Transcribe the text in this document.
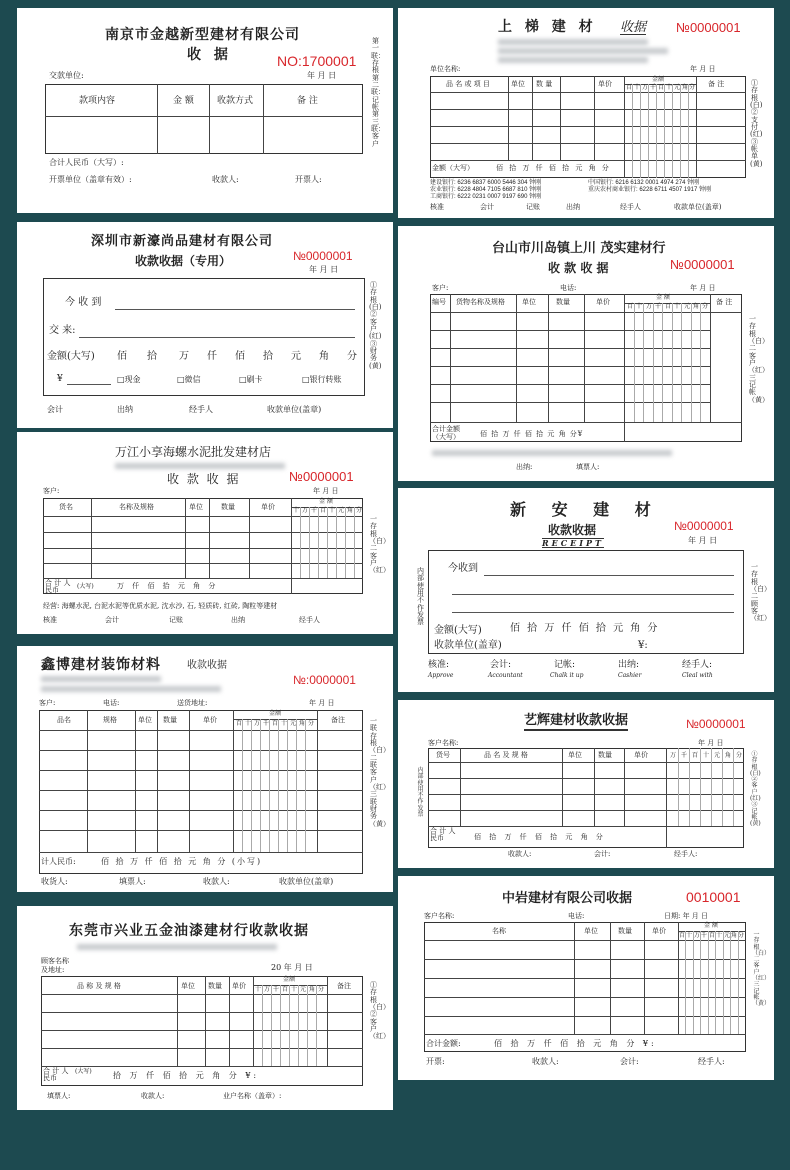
南京市金越新型建材有限公司
收 据	NO:1700001
年 月 日
交款单位:
款项内容	金 额	收款方式	备 注
合计人民币（大写）:
开票单位（盖章有效）:	收款人:	开票人:
第一联：存根 第二联：记帐 第三联：客户
上 梯 建 材 收据 №0000001
单位名称:	年 月 日
品 名 或 项 目	单位 数 量	单价	备 注
金额
百 十 万 千 百 十 元 角 分
金额（大写）	佰 拾 万 仟 佰 拾 元 角 分
建设银行: 6236 6837 6000 5446 304 钟刚
农业银行: 6228 4804 7105 6687 810 钟刚
工商银行: 6222 0231 0007 9197 690 钟刚
中国银行: 6216 6132 0001 4974 274 钟刚
重庆农村商业银行: 6228 6711 4507 1917 钟刚
核准	会计	记账	出纳	经手人	收款单位(盖章)
①存根(白) ②支付(红) ③帐单(黄)
深圳市新濠尚品建材有限公司
收款收据（专用）	№0000001
年 月 日
今 收 到
交 来:
金额(大写) 佰 拾 万 仟 佰 拾 元 角 分
¥	□现金	□微信	□刷卡	□银行转账
会计	出纳	经手人	收款单位(盖章)
①存根(白) ②客户(红) ③财务(黄)
台山市川岛镇上川 茂实建材行
收 款 收 据	№0000001
客户:	电话:	年 月 日
编号 货物名称及规格 单位	数量	单价	备 注
金 额
百 十 万 千 百 十 元 角 分
合计金额（大写）	佰 拾 万 仟 佰 拾 元 角 分¥
出纳:	填票人:
一存根（白） 二客户（红） 三记帐（黄）
万江小享海螺水泥批发建材店
收 款 收 据	№0000001
客户:	年 月 日
货名	名称及规格	单位	数量	单价
金 额
十 万 千 百 十 元 角 分
合 计 人民币	(大写)	万 仟 佰 拾 元 角 分
经营: 海螺水泥, 台泥水泥等优质水泥, 沈水沙, 石, 轻质砖, 红砖, 陶粒等建材
核准	会计	记账	出纳	经手人
一存根（白） 二客户（红）
新 安 建 材
收款收据
RECEIPT
№0000001
年 月 日
今收到
金额(大写)	佰 拾 万 仟 佰 拾 元 角 分
收款单位(盖章)	¥:
内部使用 不作发票
核准:	会计:	记帐:	出纳:	经手人:
Approve	Accountant	Chalk it up	Cashier	Cleal with
一存根（白） 二顾客（红）
鑫博建材装饰材料	收款收据
№:0000001
客户:	电话:	送货地址:	年 月 日
品名	规格	单位 数量	单价	备注
金额
百 十 万 千 百 十 元 角 分
计人民币:	佰 拾 万 仟 佰 拾 元 角 分 (小写)
收货人:	填票人:	收款人:	收款单位(盖章)
一联存根（白） 二联客户（红） 三联财务（黄）
艺辉建材收款收据	№0000001
客户名称:	年 月 日
货号	品 名 及 规 格	单位 数量	单价	万 千 百 十 元 角 分
合 计 人民币	佰 拾 万 仟 佰 拾 元 角 分
内部使用 不作发票
收款人:	会计:	经手人:
①存根(白) ②客户(红) ③记帐(黄)
东莞市兴业五金油漆建材行收款收据
顾客名称
及地址:	20 年 月 日
品 称 及 规 格	单位 数量 单价	备注
金额
十 万 千 百 十 元 角 分
合 计 人民币
(大写)	拾 万 仟 佰 拾 元 角 分 ¥:
填票人:	收款人:	业户名称（盖章）:
①存根（白） ②客户（红）
中岩建材有限公司收据	0010001
客户名称:	电话:	日期: 年 月 日
名称	单位	数量	单价
金 额
百 十 万 千 百 十 元 角 分
合计金额:	佰 拾 万 仟 佰 拾 元 角 分 ¥:
开票:	收款人:	会计:	经手人:
一存根（白） 二客户（红） 三记帐（黄）
